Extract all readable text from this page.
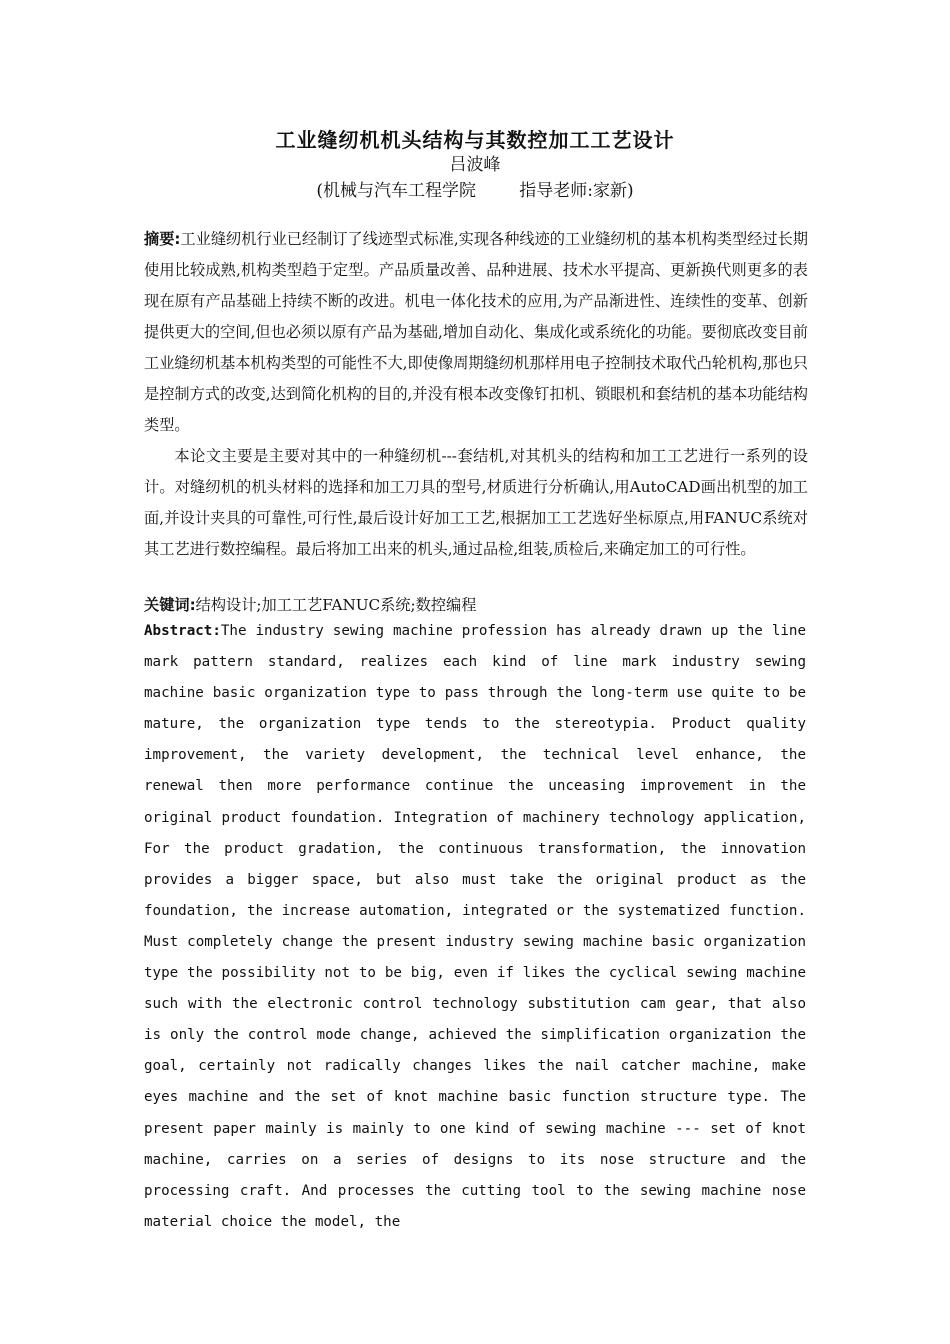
工业缝纫机机头结构与其数控加工工艺设计
吕波峰
(机械与汽车工程学院        指导老师:家新)

摘要:工业缝纫机行业已经制订了线迹型式标准,实现各种线迹的工业缝纫机的基本机构类型经过长期使用比较成熟,机构类型趋于定型。产品质量改善、品种进展、技术水平提高、更新换代则更多的表现在原有产品基础上持续不断的改进。机电一体化技术的应用,为产品渐进性、连续性的变革、创新提供更大的空间,但也必须以原有产品为基础,增加自动化、集成化或系统化的功能。要彻底改变目前工业缝纫机基本机构类型的可能性不大,即使像周期缝纫机那样用电子控制技术取代凸轮机构,那也只是控制方式的改变,达到简化机构的目的,并没有根本改变像钉扣机、锁眼机和套结机的基本功能结构类型。

本论文主要是主要对其中的一种缝纫机---套结机,对其机头的结构和加工工艺进行一系列的设计。对缝纫机的机头材料的选择和加工刀具的型号,材质进行分析确认,用AutoCAD画出机型的加工面,并设计夹具的可靠性,可行性,最后设计好加工工艺,根据加工工艺选好坐标原点,用FANUC系统对其工艺进行数控编程。最后将加工出来的机头,通过品检,组装,质检后,来确定加工的可行性。

关键词:结构设计;加工工艺FANUC系统;数控编程
Abstract:The industry sewing machine profession has already drawn up the line mark pattern standard, realizes each kind of line mark industry sewing machine basic organization type to pass through the long-term use quite to be mature, the organization type tends to the stereotypia. Product quality improvement, the variety development, the technical level enhance, the renewal then more performance continue the unceasing improvement in the original product foundation. Integration of machinery technology application, For the product gradation, the continuous transformation, the innovation provides a bigger space, but also must take the original product as the foundation, the increase automation, integrated or the systematized function. Must completely change the present industry sewing machine basic organization type the possibility not to be big, even if likes the cyclical sewing machine such with the electronic control technology substitution cam gear, that also is only the control mode change, achieved the simplification organization the goal, certainly not radically changes likes the nail catcher machine, make eyes machine and the set of knot machine basic function structure type. The present paper mainly is mainly to one kind of sewing machine --- set of knot machine, carries on a series of designs to its nose structure and the processing craft. And processes the cutting tool to the sewing machine nose material choice the model, the
